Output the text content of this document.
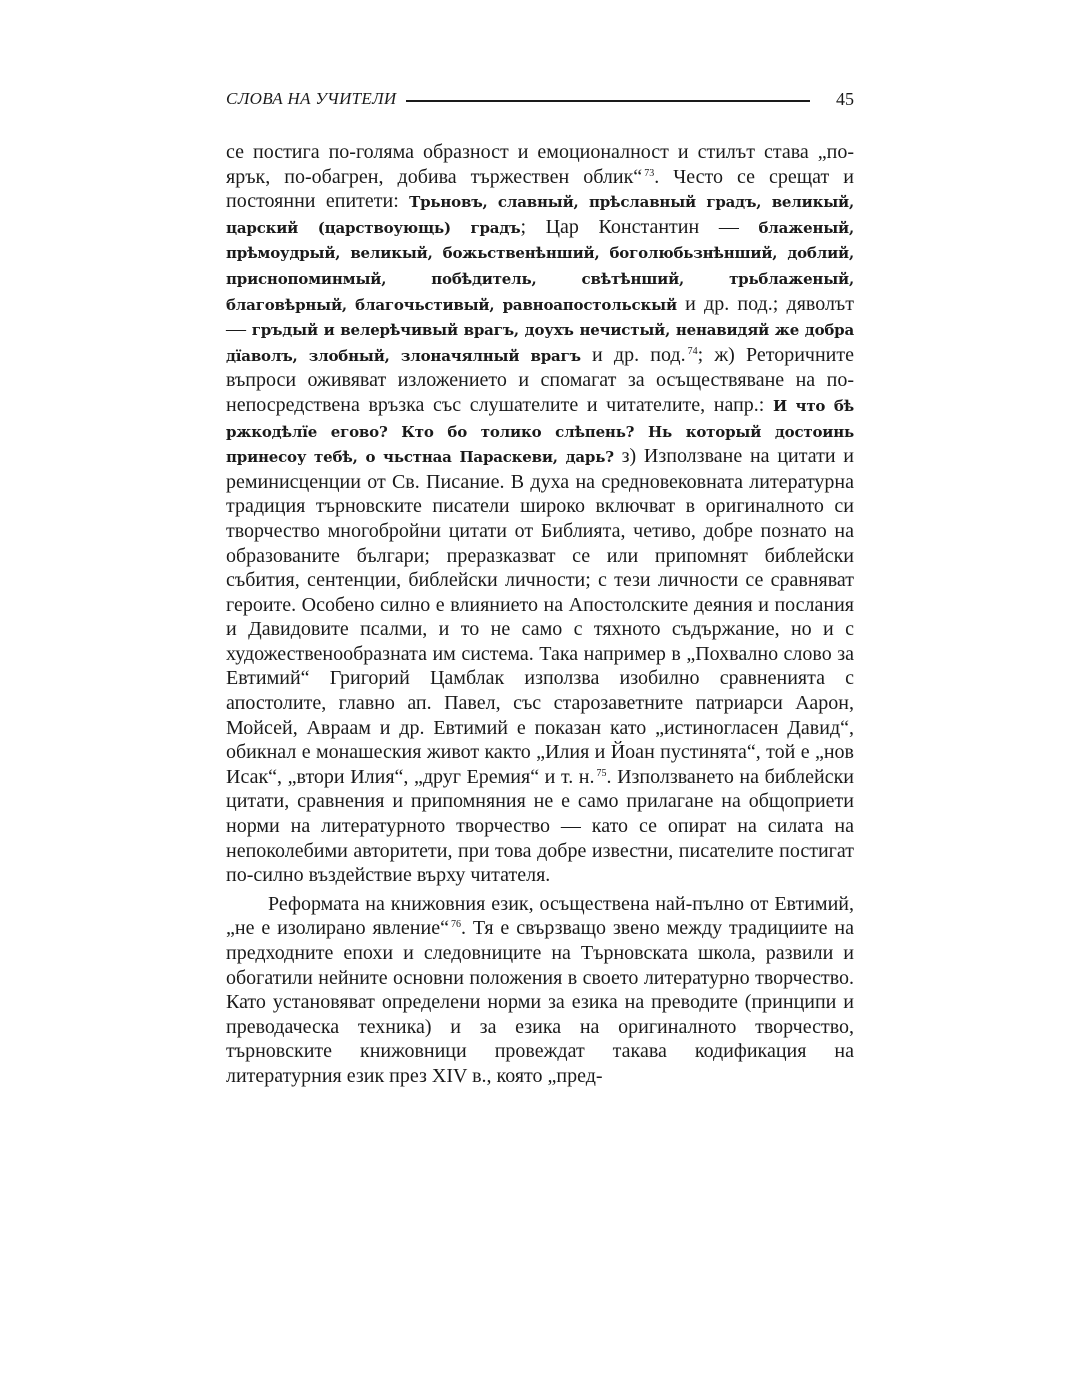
СЛОВА НА УЧИТЕЛИ	45

се постига по-голяма образност и емоционалност и стилът става „по-ярък, по-обагрен, добива тържествен облик“ $^{73}$. Често се срещат и постоянни епитети: Трьновъ, славный, прѣславный градъ, великый, царский (царствоующь) градъ; Цар Константин — блаженый, прѣмоудрый, великый, божьственѣнший, боголюбьзнѣнший, доблий, приснопоминмый, побѣдитель, свѣтѣнший, трьблаженый, благовѣрный, благочьстивый, равноапостольскый и др. под.; дяволът — гръдый и велерѣчивый врагъ, доухъ нечистый, ненавидяй же добра дїаволъ, злобный, злоначялный врагъ и др. под. $^{74}$; ж) Реторичните въпроси оживяват изложението и спомагат за осъществяване на по-непосредствена връзка със слушателите и читателите, напр.: И что бѣ ржкодѣлїе егово? Кто бо толико слѣпень? Нь который достоинь принесоу тебѣ, о чьстнаа Параскеви, дарь? з) Използване на цитати и реминисценции от Св. Писание. В духа на средновековната литературна традиция търновските писатели широко включват в оригиналното си творчество многобройни цитати от Библията, четиво, добре познато на образованите българи; преразказват се или припомнят библейски събития, сентенции, библейски личности; с тези личности се сравняват героите. Особено силно е влиянието на Апостолските деяния и послания и Давидовите псалми, и то не само с тяхното съдържание, но и с художественообразната им система. Така например в „Похвално слово за Евтимий“ Григорий Цамблак използва изобилно сравненията с апостолите, главно ап. Павел, със старозаветните патриарси Аарон, Мойсей, Авраам и др. Евтимий е показан като „истиногласен Давид“, обикнал е монашеския живот както „Илия и Йоан пустинята“, той е „нов Исак“, „втори Илия“, „друг Еремия“ и т. н. $^{75}$. Използването на библейски цитати, сравнения и припомняния не е само прилагане на общоприети норми на литературното творчество — като се опират на силата на непоколебими авторитети, при това добре известни, писателите постигат по-силно въздействие върху читателя.

Реформата на книжовния език, осъществена най-пълно от Евтимий, „не е изолирано явление“ $^{76}$. Тя е свързващо звено между традициите на предходните епохи и следовниците на Търновската школа, развили и обогатили нейните основни положения в своето литературно творчество. Като установяват определени норми за езика на преводите (принципи и преводаческа техника) и за езика на оригиналното творчество, търновските книжовници провеждат такава кодификация на литературния език през XIV в., която „пред-
